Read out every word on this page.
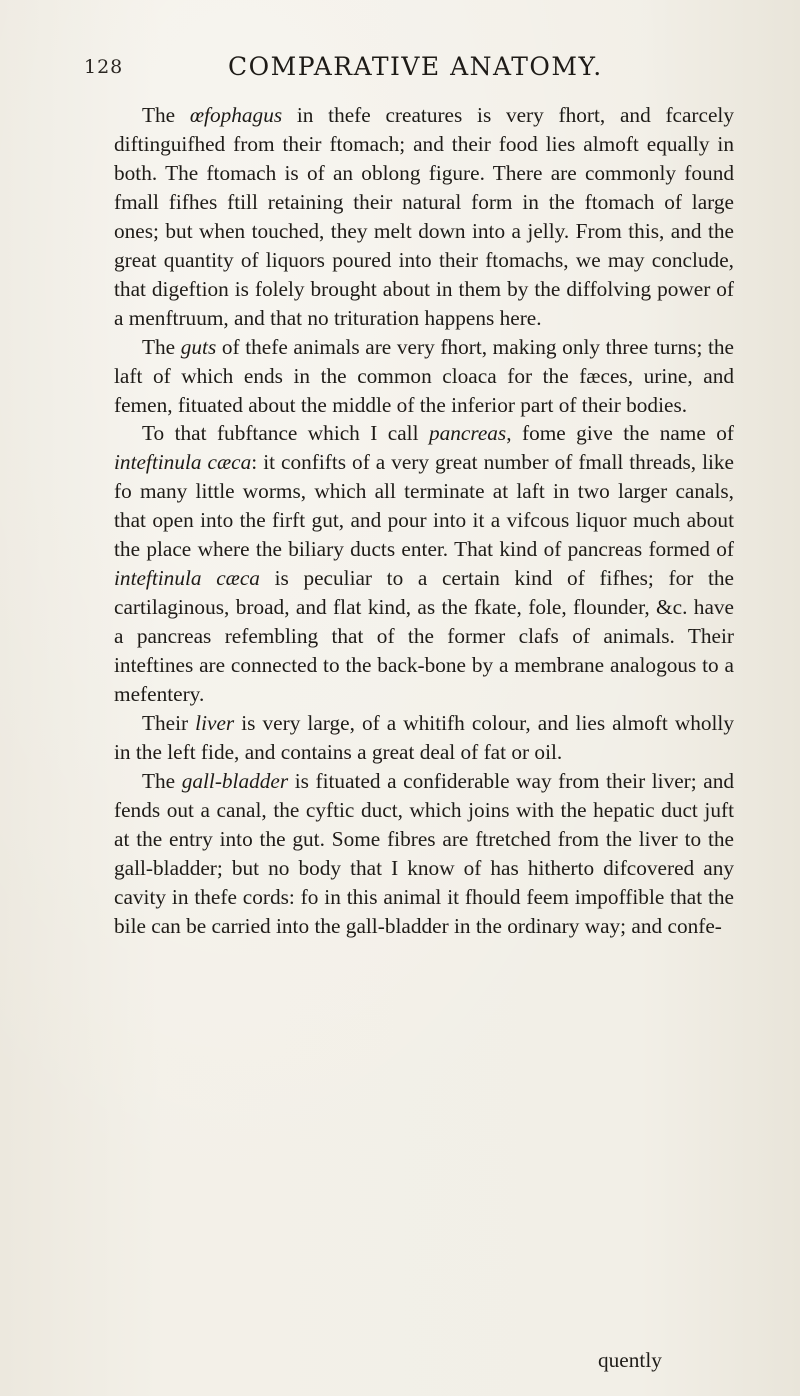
128	COMPARATIVE ANATOMY.

The œfophagus in thefe creatures is very fhort, and fcarcely diftinguifhed from their ftomach; and their food lies almoft equally in both. The ftomach is of an oblong figure. There are commonly found fmall fifhes ftill retaining their natural form in the ftomach of large ones; but when touched, they melt down into a jelly. From this, and the great quantity of liquors poured into their ftomachs, we may conclude, that digeftion is folely brought about in them by the diffolving power of a menftruum, and that no trituration happens here.

The guts of thefe animals are very fhort, making only three turns; the laft of which ends in the common cloaca for the fæces, urine, and femen, fituated about the middle of the inferior part of their bodies.

To that fubftance which I call pancreas, fome give the name of inteftinula cæca: it confifts of a very great number of fmall threads, like fo many little worms, which all terminate at laft in two larger canals, that open into the firft gut, and pour into it a vifcous liquor much about the place where the biliary ducts enter. That kind of pancreas formed of inteftinula cæca is peculiar to a certain kind of fifhes; for the cartilaginous, broad, and flat kind, as the fkate, fole, flounder, &c. have a pancreas refembling that of the former clafs of animals. Their inteftines are connected to the back-bone by a membrane analogous to a mefentery.

Their liver is very large, of a whitifh colour, and lies almoft wholly in the left fide, and contains a great deal of fat or oil.

The gall-bladder is fituated a confiderable way from their liver; and fends out a canal, the cyftic duct, which joins with the hepatic duct juft at the entry into the gut. Some fibres are ftretched from the liver to the gall-bladder; but no body that I know of has hitherto difcovered any cavity in thefe cords: fo in this animal it fhould feem impoffible that the bile can be carried into the gall-bladder in the ordinary way; and confe-

quently
